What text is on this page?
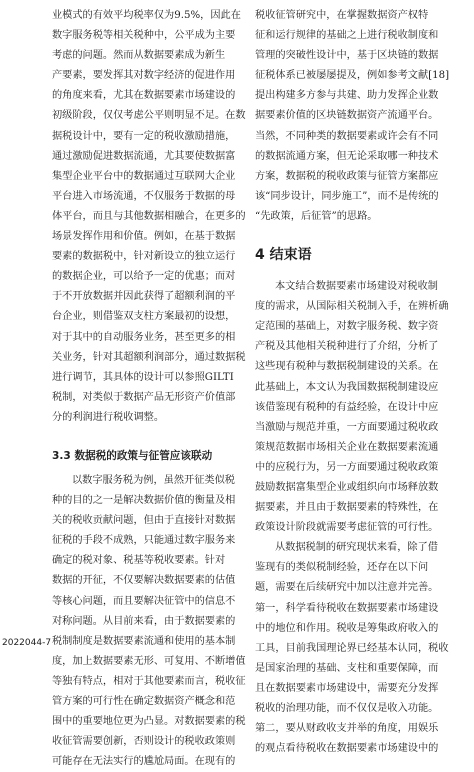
业模式的有效平均税率仅为9.5%，因此在
数字服务税等相关税种中，公平成为主要
考虑的问题。然而从数据要素成为新生
产要素，要发挥其对数字经济的促进作用
的角度来看，尤其在数据要素市场建设的
初级阶段，仅仅考虑公平则明显不足。在数
据税设计中，要有一定的税收激励措施，
通过激励促进数据流通，尤其要使数据富
集型企业平台中的数据通过互联网大企业
平台进入市场流通，不仅服务于数据的母
体平台，而且与其他数据相融合，在更多的
场景发挥作用和价值。例如，在基于数据
要素的数据税中，针对新设立的独立运行
的数据企业，可以给予一定的优惠；而对
于不开放数据并因此获得了超额利润的平
台企业，则借鉴双支柱方案最初的设想，
对于其中的自动服务业务，甚至更多的相
关业务，针对其超额利润部分，通过数据税
进行调节，其具体的设计可以参照GILTI
税制，对类似于数据产品无形资产价值部
分的利润进行税收调整。
3.3 数据税的政策与征管应该联动
以数字服务税为例，虽然开征类似税
种的目的之一是解决数据价值的衡量及相
关的税收贡献问题，但由于直接针对数据
征税的手段不成熟，只能通过数字服务来
确定的税对象、税基等税收要素。针对
数据的开征，不仅要解决数据要素的估值
等核心问题，而且要解决征管中的信息不
对称问题。从目前来看，由于数据要素的
税制制度是数据要素流通和使用的基本制
度，加上数据要素无形、可复用、不断增值
等独有特点，相对于其他要素而言，税收征
管方案的可行性在确定数据资产概念和范
围中的重要地位更为凸显。对数据要素的税
收征管需要创新，否则设计的税收政策则
可能存在无法实行的尴尬局面。在现有的
税收征管研究中，在掌握数据资产权特
征和运行规律的基础之上进行税收制度和
管理的突破性设计中，基于区块链的数据
征税体系已被屡屡提及，例如参考文献[18]
提出构建多方参与共建、助力发挥企业数
据要素价值的区块链数据资产流通平台。
当然，不同种类的数据要素或许会有不同
的数据流通方案，但无论采取哪一种技术
方案，数据税的税收政策与征管方案都应
该“同步设计，同步施工”，而不是传统的
“先政策，后征管”的思路。
4 结束语
本文结合数据要素市场建设对税收制
度的需求，从国际相关税制入手，在辨析确
定范围的基础上，对数字服务税、数字资
产税及其他相关税种进行了介绍，分析了
这些现有税种与数据税制建设的关系。在
此基础上，本文认为我国数据税制建设应
该借鉴现有税种的有益经验，在设计中应
当激励与规范并重，一方面要通过税收政
策规范数据市场相关企业在数据要素流通
中的应税行为，另一方面要通过税收政策
鼓励数据富集型企业或组织向市场释放数
据要素，并且由于数据要素的特殊性，在
政策设计阶段就需要考虑征管的可行性。
从数据税制的研究现状来看，除了借
鉴现有的类似税制经验，还存在以下问
题，需要在后续研究中加以注意并完善。
第一，科学看待税收在数据要素市场建设
中的地位和作用。税收是筹集政府收入的
工具，目前我国理论界已经基本认同，税收
是国家治理的基础、支柱和重要保障，而
且在数据要素市场建设中，需要充分发挥
税收的治理功能，而不仅仅是收入功能。
第二，要从财政收支并举的角度，用娱乐
的观点看待税收在数据要素市场建设中的
2022044-7
